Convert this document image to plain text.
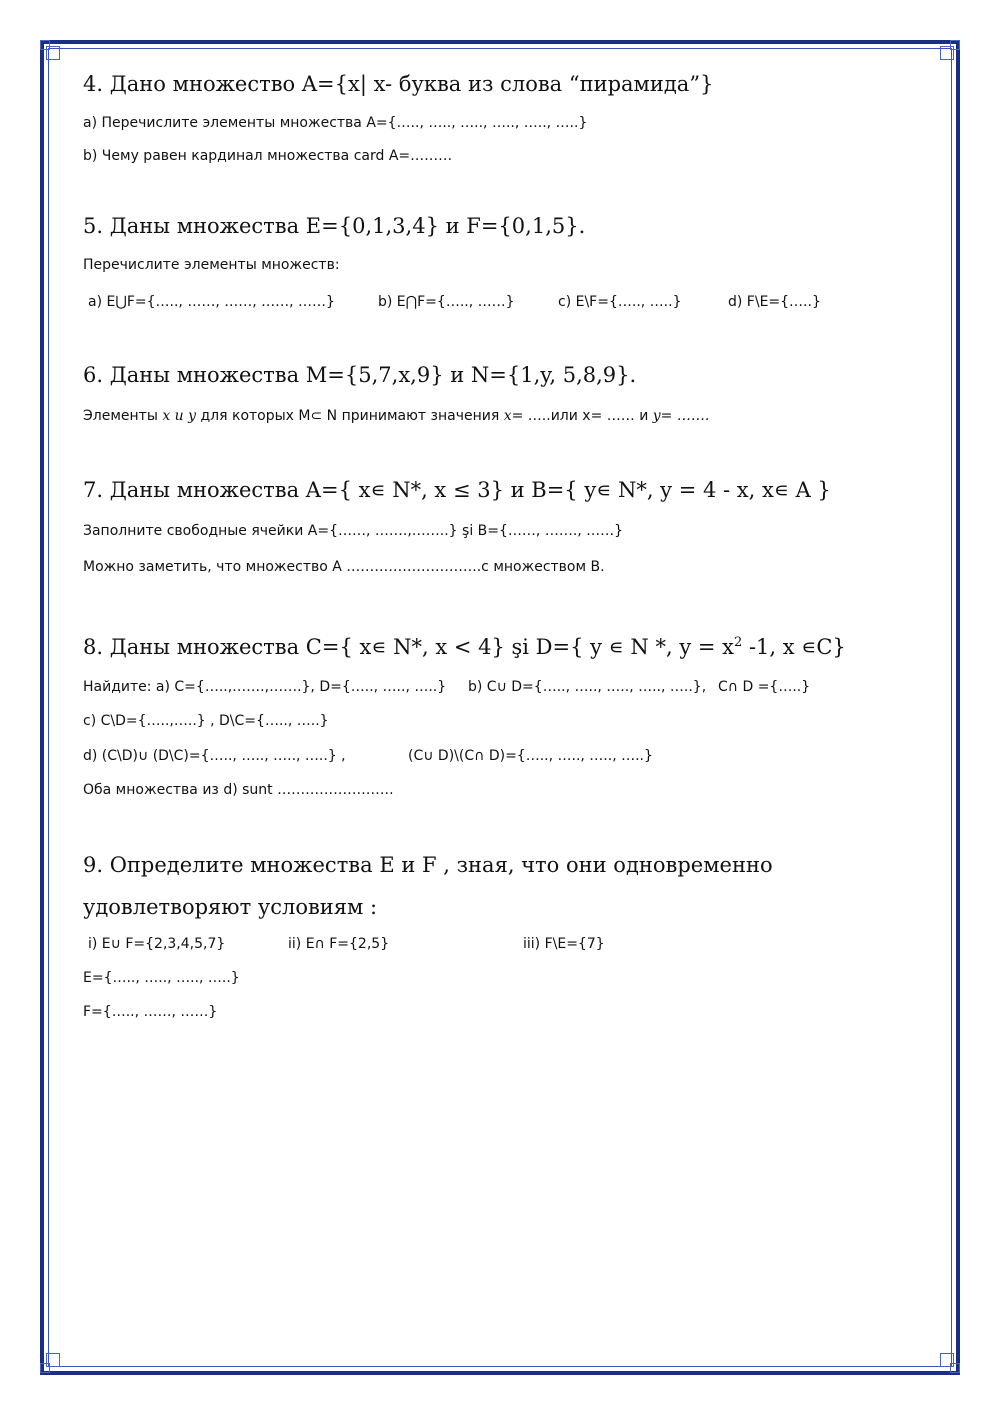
4. Дано множество A={x| x- буква из слова “пирамида”}
a) Перечислите элементы множества A={….., ….., ….., ….., ….., …..}
b) Чему равен кардинал множества card A=………
5. Даны множества E={0,1,3,4} и F={0,1,5}.
Перечислите элементы множеств:
a) E⋃F={….., ……, ……, ……, ……}	b) E⋂F={….., ……}	c) E\F={….., …..}	d) F\E={…..}
6. Даны множества M={5,7,x,9} и N={1,y, 5,8,9}.
Элементы x и y для которых M⊂ N принимают значения x= …..или x= …… и y= …….
7. Даны множества A={ x∊ N*, x ≤ 3} и B={ y∊ N*, y = 4 - x, x∊ A }
Заполните свободные ячейки A={……, …….,……..} şi B={……, ……., ……}
Можно заметить, что множество A ………………………..с множеством B.
8. Даны множества C={ x∊ N*, x < 4} şi D={ y ∊ N *, $y = x^2$ -1, x ∊C}
Найдите: a) C={…..,…….,…….}, D={….., ….., …..} b) C∪ D={….., ….., ….., ….., …..}, C∩ D ={…..}
c) C\D={…..,…..} , D\C={….., …..}
d) (C\D)∪ (D\C)={….., ….., ….., …..} ,	(C∪ D)\(C∩ D)={….., ….., ….., …..}
Оба множества из d) sunt …………………….
9. Определите множества E и F , зная, что они одновременно
удовлетворяют условиям :
i) E∪ F={2,3,4,5,7}	ii) E∩ F={2,5}	iii) F\E={7}
E={….., ….., ….., …..}
F={….., ……, ……}
